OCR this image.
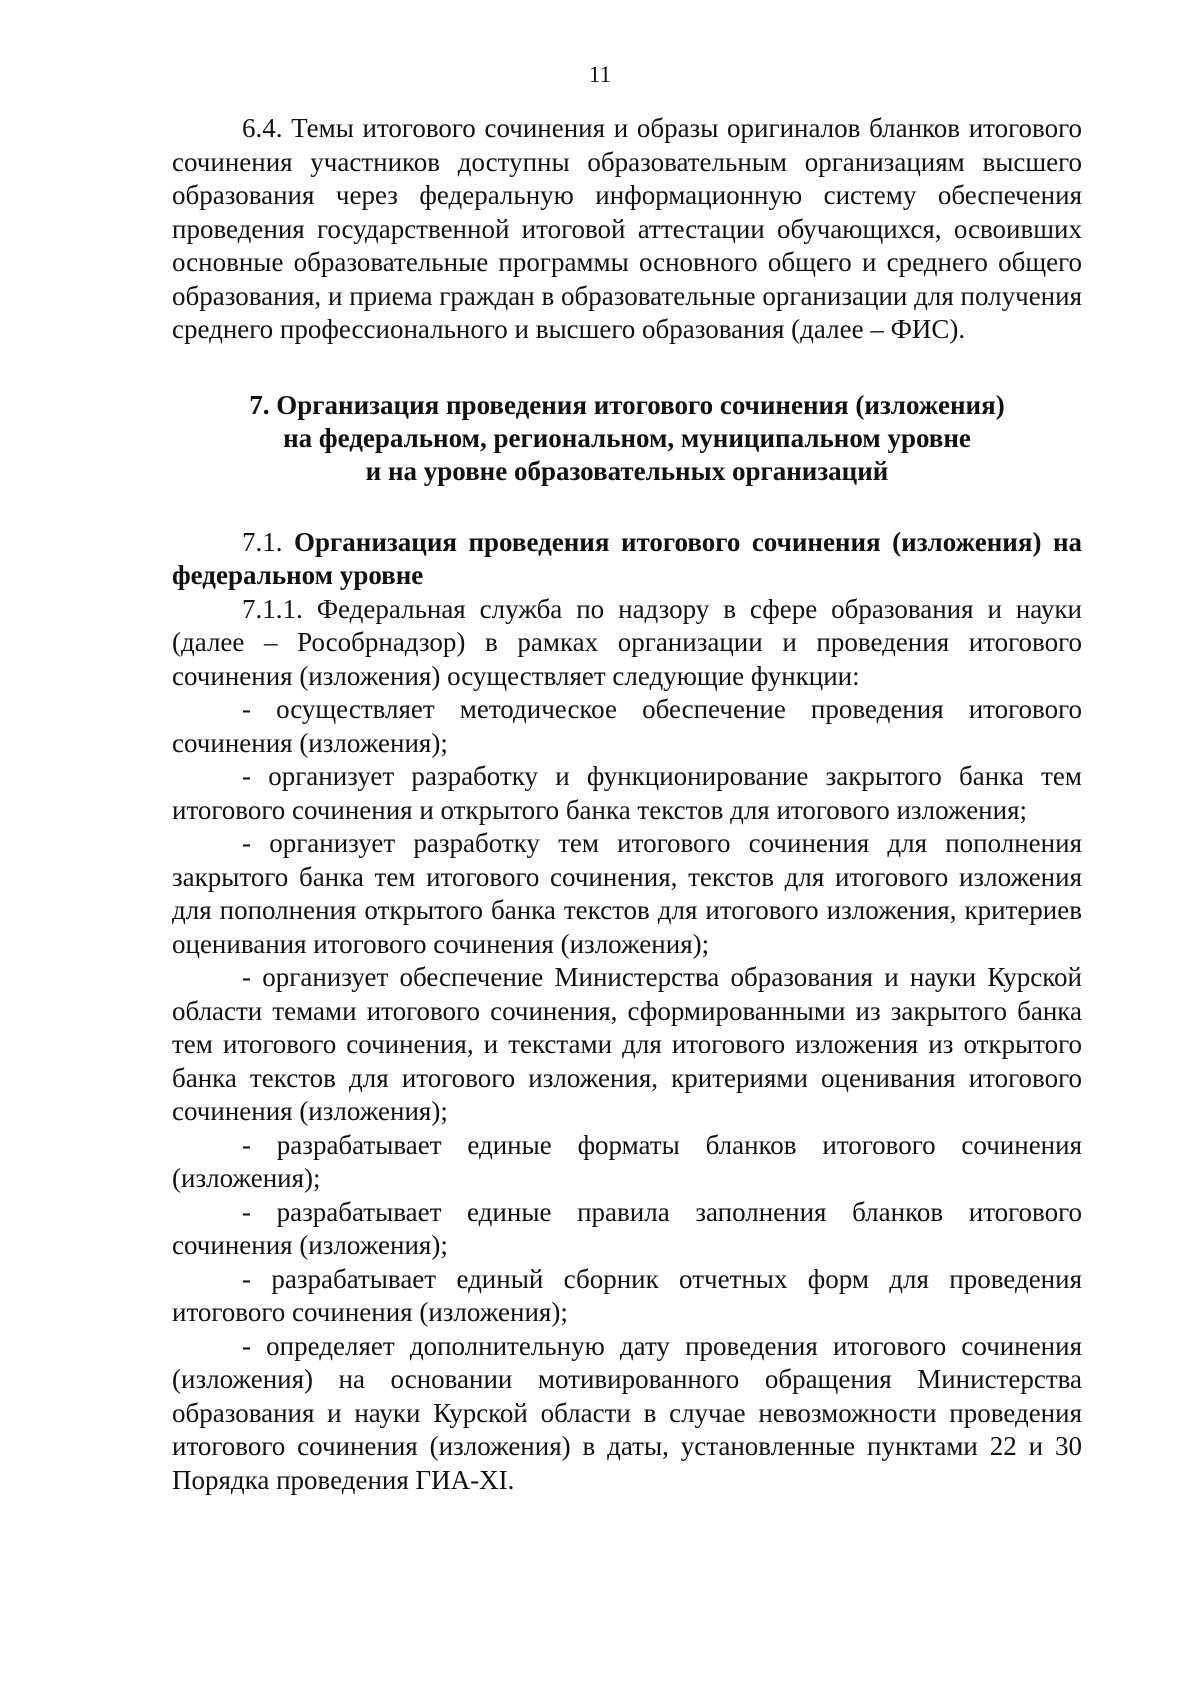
11

6.4. Темы итогового сочинения и образы оригиналов бланков итогового сочинения участников доступны образовательным организациям высшего образования через федеральную информационную систему обеспечения проведения государственной итоговой аттестации обучающихся, освоивших основные образовательные программы основного общего и среднего общего образования, и приема граждан в образовательные организации для получения среднего профессионального и высшего образования (далее – ФИС).

7. Организация проведения итогового сочинения (изложения)
на федеральном, региональном, муниципальном уровне
и на уровне образовательных организаций

7.1. Организация проведения итогового сочинения (изложения) на федеральном уровне

7.1.1. Федеральная служба по надзору в сфере образования и науки (далее – Рособрнадзор) в рамках организации и проведения итогового сочинения (изложения) осуществляет следующие функции:

- осуществляет методическое обеспечение проведения итогового сочинения (изложения);

- организует разработку и функционирование закрытого банка тем итогового сочинения и открытого банка текстов для итогового изложения;

- организует разработку тем итогового сочинения для пополнения закрытого банка тем итогового сочинения, текстов для итогового изложения для пополнения открытого банка текстов для итогового изложения, критериев оценивания итогового сочинения (изложения);

- организует обеспечение Министерства образования и науки Курской области темами итогового сочинения, сформированными из закрытого банка тем итогового сочинения, и текстами для итогового изложения из открытого банка текстов для итогового изложения, критериями оценивания итогового сочинения (изложения);

- разрабатывает единые форматы бланков итогового сочинения (изложения);

- разрабатывает единые правила заполнения бланков итогового сочинения (изложения);

- разрабатывает единый сборник отчетных форм для проведения итогового сочинения (изложения);

- определяет дополнительную дату проведения итогового сочинения (изложения) на основании мотивированного обращения Министерства образования и науки Курской области в случае невозможности проведения итогового сочинения (изложения) в даты, установленные пунктами 22 и 30 Порядка проведения ГИА-XI.
